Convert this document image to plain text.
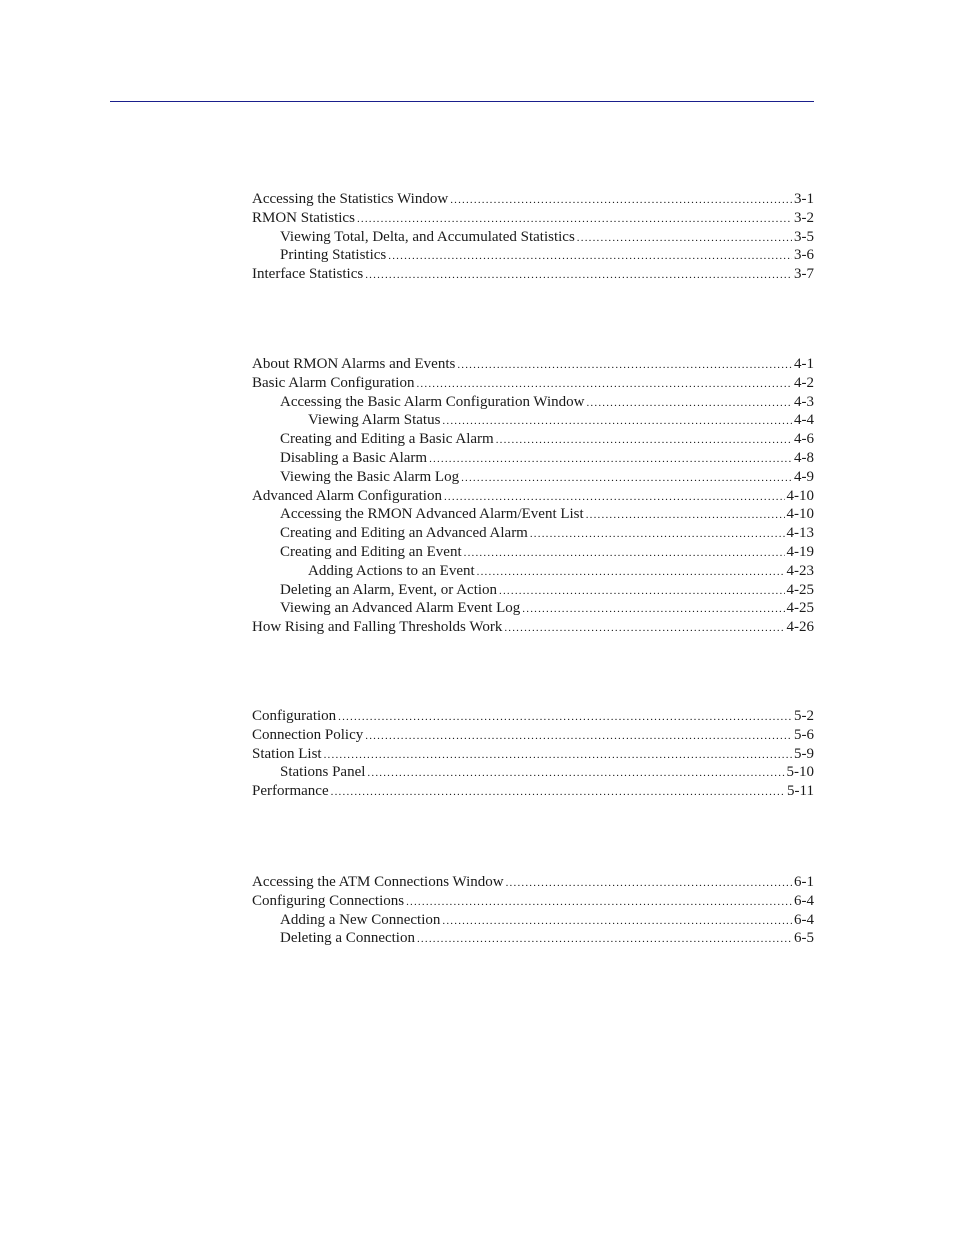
Accessing the Statistics Window .....	3-1
RMON Statistics .....	3-2
Viewing Total, Delta, and Accumulated Statistics .....	3-5
Printing Statistics .....	3-6
Interface Statistics .....	3-7
About RMON Alarms and Events .....	4-1
Basic Alarm Configuration .....	4-2
Accessing the Basic Alarm Configuration Window .....	4-3
Viewing Alarm Status .....	4-4
Creating and Editing a Basic Alarm .....	4-6
Disabling a Basic Alarm .....	4-8
Viewing the Basic Alarm Log .....	4-9
Advanced Alarm Configuration .....	4-10
Accessing the RMON Advanced Alarm/Event List .....	4-10
Creating and Editing an Advanced Alarm .....	4-13
Creating and Editing an Event .....	4-19
Adding Actions to an Event .....	4-23
Deleting an Alarm, Event, or Action .....	4-25
Viewing an Advanced Alarm Event Log .....	4-25
How Rising and Falling Thresholds Work .....	4-26
Configuration .....	5-2
Connection Policy .....	5-6
Station List .....	5-9
Stations Panel .....	5-10
Performance .....	5-11
Accessing the ATM Connections Window .....	6-1
Configuring Connections .....	6-4
Adding a New Connection .....	6-4
Deleting a Connection .....	6-5
